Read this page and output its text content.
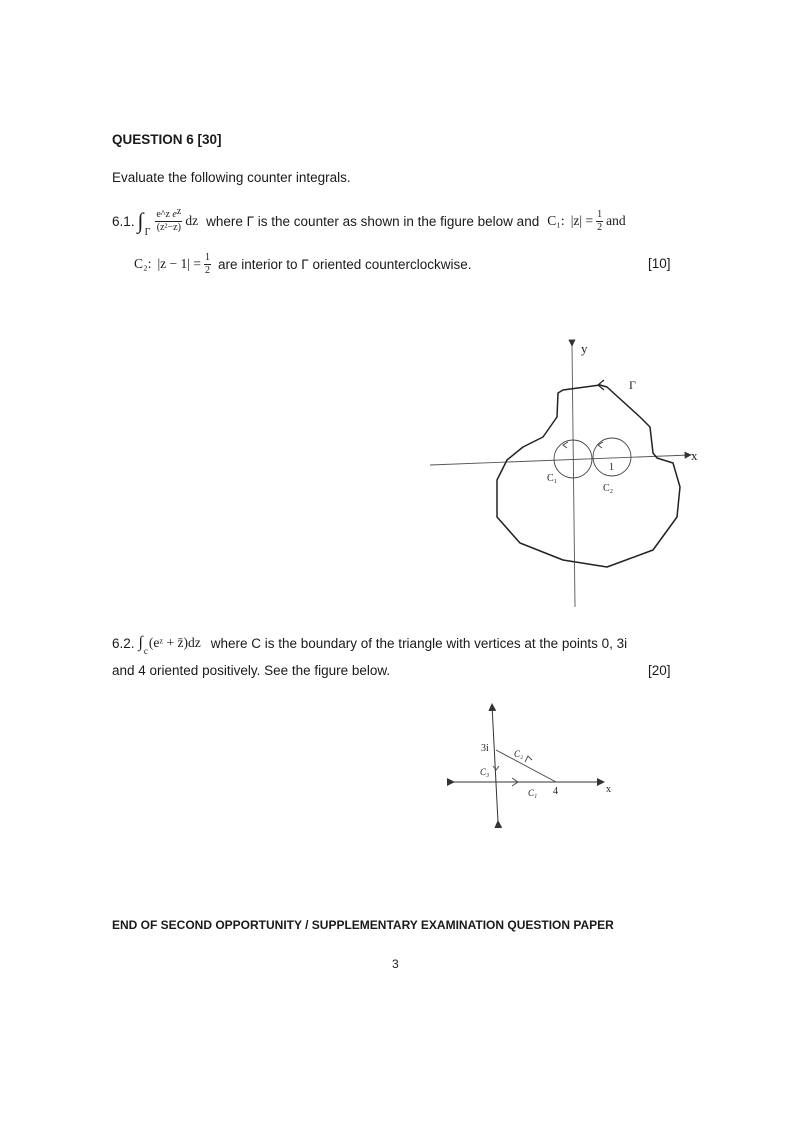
QUESTION 6 [30]
Evaluate the following counter integrals.
6.1. ∫ Γ $\frac{\text{e\textasciicircum{}z ez}}{\text{(z²−z)}}$ dz where Γ is the counter as shown in the figure below and C₁: $|z| = \frac{1}{2}$ and
C₂: $|z - 1| = \frac{1}{2}$ are interior to Γ oriented counterclockwise.	[10]
y
x
Γ
C₁
C₂
1
3i
4	x
C₁
C₂
C₃
6.2. ∫ c
(eᶻ + z̄)dz where C is the boundary of the triangle with vertices at the points 0, 3i
and 4 oriented positively. See the figure below.	[20]
END OF SECOND OPPORTUNITY / SUPPLEMENTARY EXAMINATION QUESTION PAPER
3
